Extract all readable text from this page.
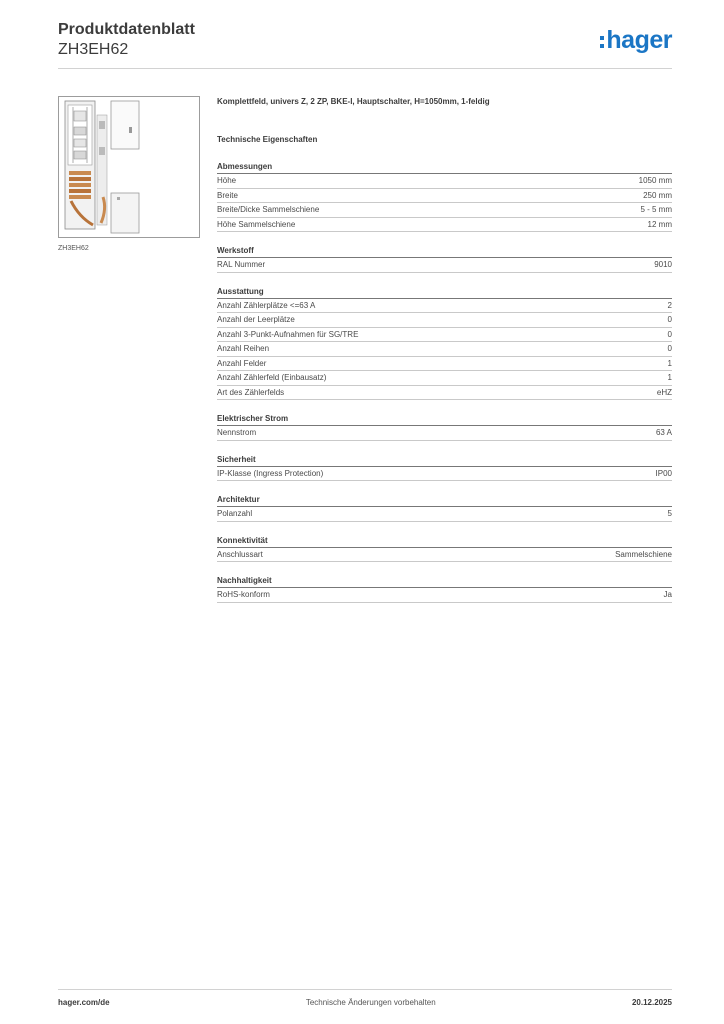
Produktdatenblatt
ZH3EH62	hager
ZH3EH62
Komplettfeld, univers Z, 2 ZP, BKE-I, Hauptschalter, H=1050mm, 1-feldig
Technische Eigenschaften
Abmessungen
Höhe	1050 mm
Breite	250 mm
Breite/Dicke Sammelschiene	5 - 5 mm
Höhe Sammelschiene	12 mm
Werkstoff
RAL Nummer	9010
Ausstattung
Anzahl Zählerplätze <=63 A	2
Anzahl der Leerplätze	0
Anzahl 3-Punkt-Aufnahmen für SG/TRE	0
Anzahl Reihen	0
Anzahl Felder	1
Anzahl Zählerfeld (Einbausatz)	1
Art des Zählerfelds	eHZ
Elektrischer Strom
Nennstrom	63 A
Sicherheit
IP-Klasse (Ingress Protection)	IP00
Architektur
Polanzahl	5
Konnektivität
Anschlussart	Sammelschiene
Nachhaltigkeit
RoHS-konform	Ja
hager.com/de	Technische Änderungen vorbehalten	20.12.2025
